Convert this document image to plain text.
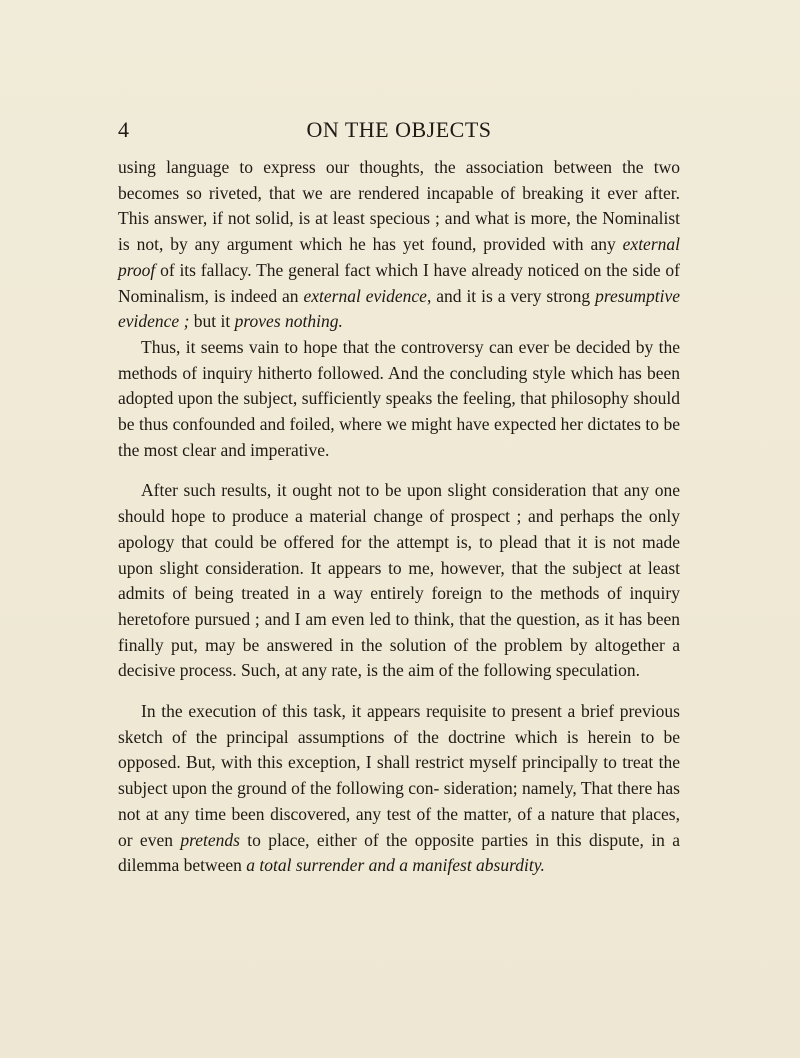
4	ON THE OBJECTS

using language to express our thoughts, the association between the two becomes so riveted, that we are rendered incapable of breaking it ever after. This answer, if not solid, is at least specious ; and what is more, the Nominalist is not, by any argument which he has yet found, provided with any external proof of its fallacy. The general fact which I have already noticed on the side of Nominalism, is indeed an external evidence, and it is a very strong presumptive evidence ; but it proves nothing.

Thus, it seems vain to hope that the controversy can ever be decided by the methods of inquiry hitherto followed. And the concluding style which has been adopted upon the subject, sufficiently speaks the feeling, that philosophy should be thus confounded and foiled, where we might have expected her dictates to be the most clear and imperative.

After such results, it ought not to be upon slight consideration that any one should hope to produce a material change of prospect ; and perhaps the only apology that could be offered for the attempt is, to plead that it is not made upon slight consideration. It appears to me, however, that the subject at least admits of being treated in a way entirely foreign to the methods of inquiry heretofore pursued ; and I am even led to think, that the question, as it has been finally put, may be answered in the solution of the problem by altogether a decisive process. Such, at any rate, is the aim of the following speculation.

In the execution of this task, it appears requisite to present a brief previous sketch of the principal assumptions of the doctrine which is herein to be opposed. But, with this exception, I shall restrict myself principally to treat the subject upon the ground of the following con- sideration; namely, That there has not at any time been discovered, any test of the matter, of a nature that places, or even pretends to place, either of the opposite parties in this dispute, in a dilemma between a total surrender and a manifest absurdity.
